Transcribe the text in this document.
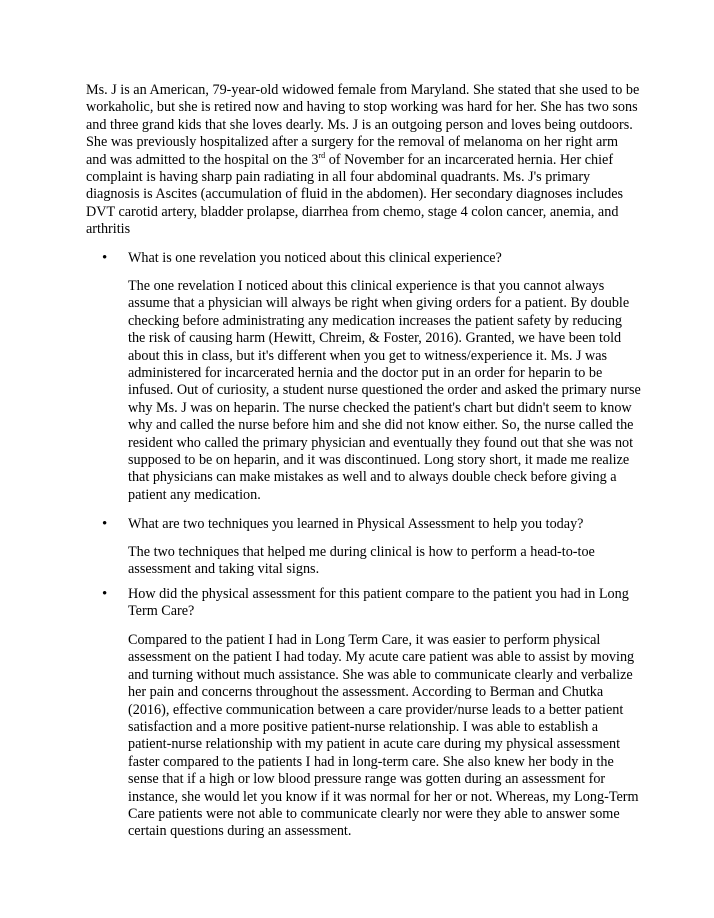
Ms. J is an American, 79-year-old widowed female from Maryland. She stated that she used to be workaholic, but she is retired now and having to stop working was hard for her. She has two sons and three grand kids that she loves dearly. Ms. J is an outgoing person and loves being outdoors. She was previously hospitalized after a surgery for the removal of melanoma on her right arm and was admitted to the hospital on the 3rd of November for an incarcerated hernia. Her chief complaint is having sharp pain radiating in all four abdominal quadrants. Ms. J's primary diagnosis is Ascites (accumulation of fluid in the abdomen). Her secondary diagnoses includes DVT carotid artery, bladder prolapse, diarrhea from chemo, stage 4 colon cancer, anemia, and arthritis

• What is one revelation you noticed about this clinical experience?

The one revelation I noticed about this clinical experience is that you cannot always assume that a physician will always be right when giving orders for a patient. By double checking before administrating any medication increases the patient safety by reducing the risk of causing harm (Hewitt, Chreim, & Foster, 2016). Granted, we have been told about this in class, but it's different when you get to witness/experience it. Ms. J was administered for incarcerated hernia and the doctor put in an order for heparin to be infused. Out of curiosity, a student nurse questioned the order and asked the primary nurse why Ms. J was on heparin. The nurse checked the patient's chart but didn't seem to know why and called the nurse before him and she did not know either. So, the nurse called the resident who called the primary physician and eventually they found out that she was not supposed to be on heparin, and it was discontinued. Long story short, it made me realize that physicians can make mistakes as well and to always double check before giving a patient any medication.

• What are two techniques you learned in Physical Assessment to help you today?

The two techniques that helped me during clinical is how to perform a head-to-toe assessment and taking vital signs.

• How did the physical assessment for this patient compare to the patient you had in Long Term Care?

Compared to the patient I had in Long Term Care, it was easier to perform physical assessment on the patient I had today. My acute care patient was able to assist by moving and turning without much assistance. She was able to communicate clearly and verbalize her pain and concerns throughout the assessment. According to Berman and Chutka (2016), effective communication between a care provider/nurse leads to a better patient satisfaction and a more positive patient-nurse relationship. I was able to establish a patient-nurse relationship with my patient in acute care during my physical assessment faster compared to the patients I had in long-term care. She also knew her body in the sense that if a high or low blood pressure range was gotten during an assessment for instance, she would let you know if it was normal for her or not. Whereas, my Long-Term Care patients were not able to communicate clearly nor were they able to answer some certain questions during an assessment.
